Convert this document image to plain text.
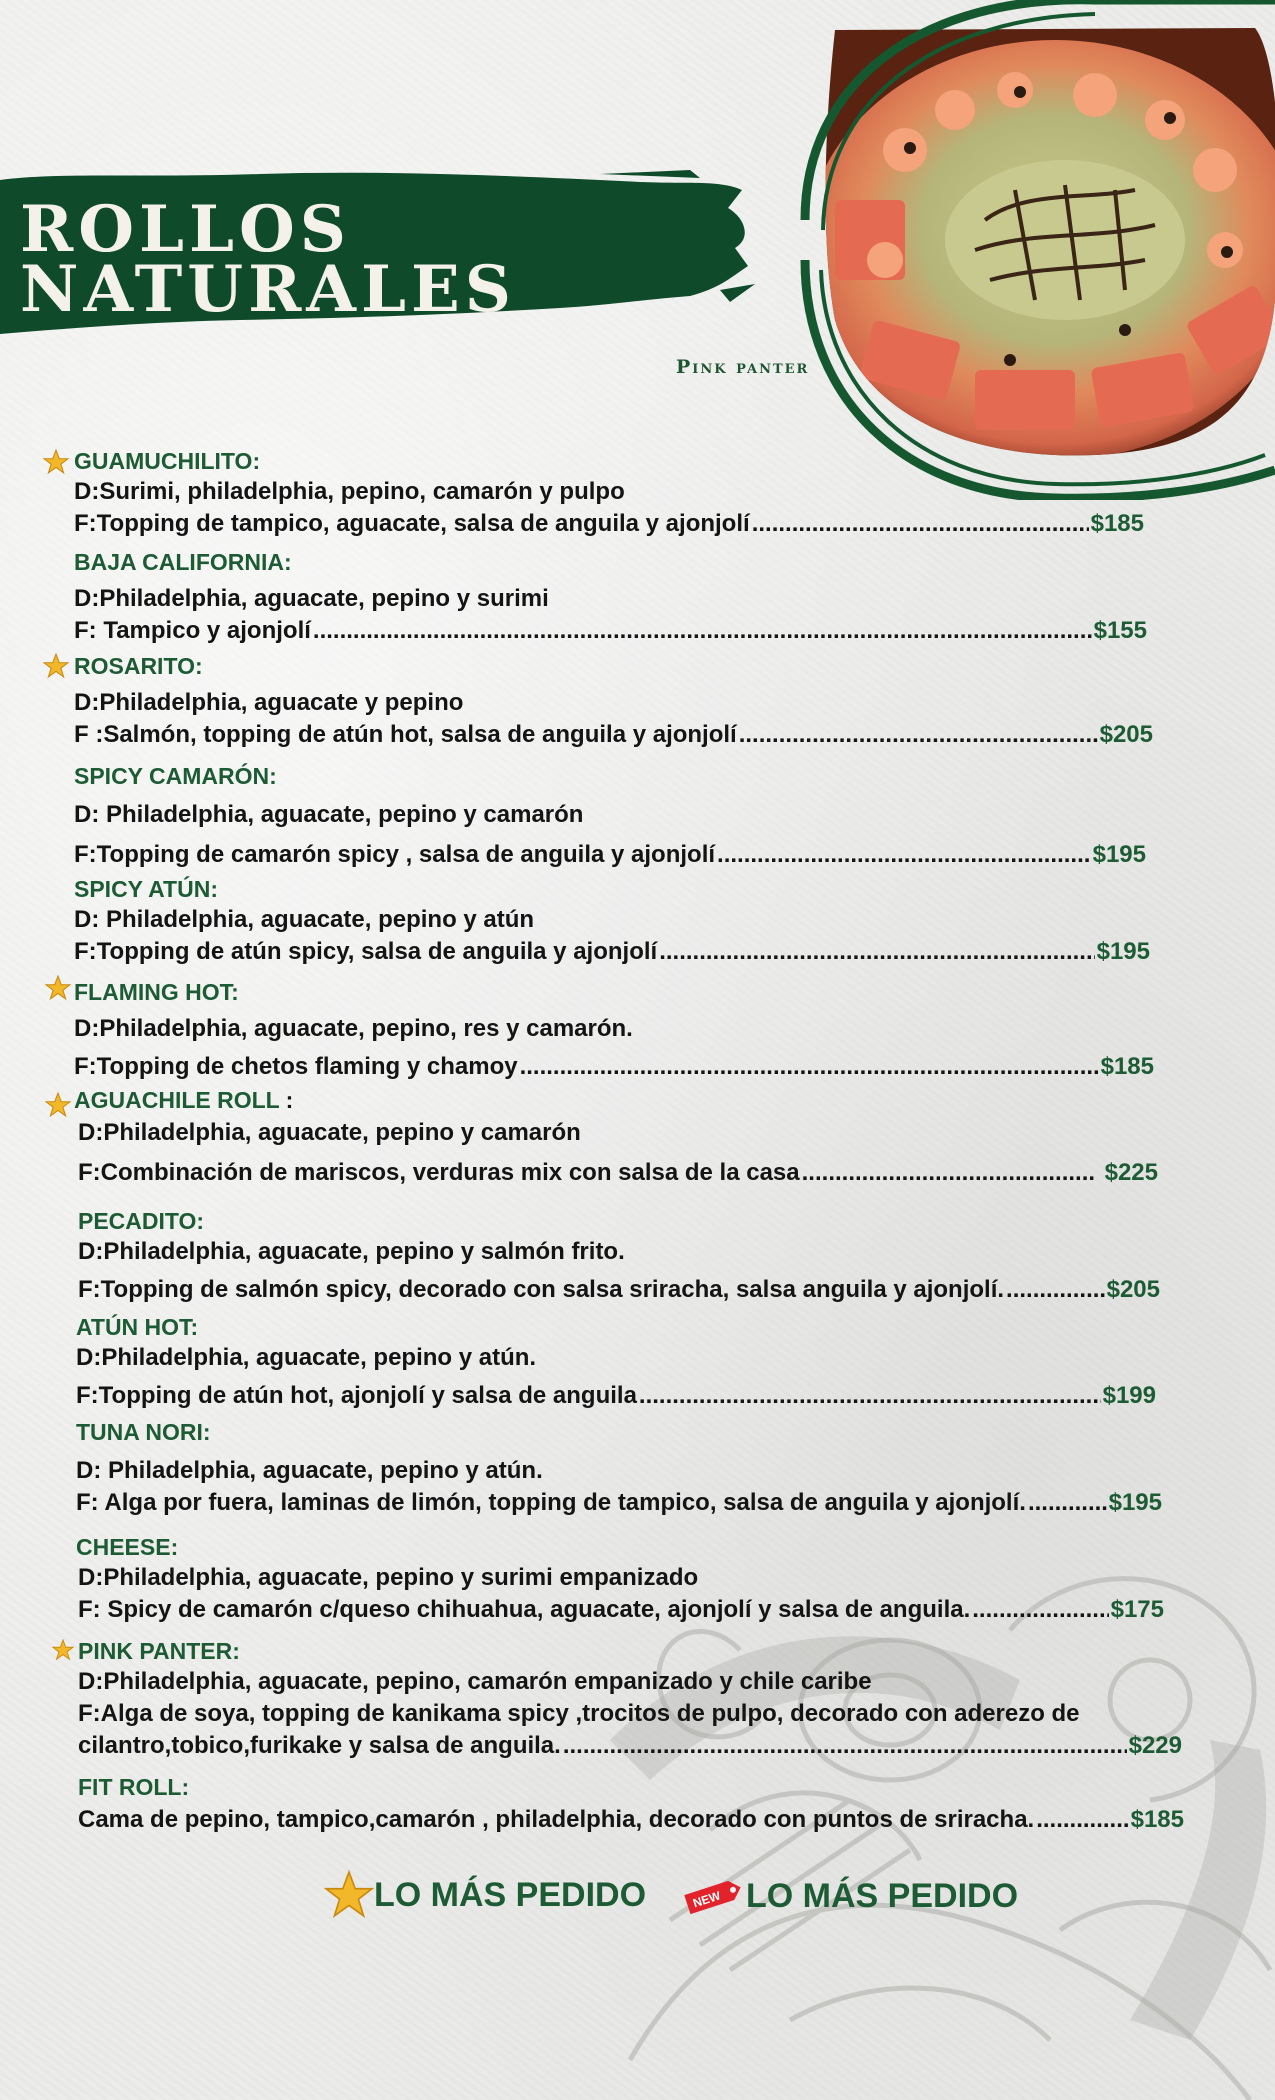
ROLLOS
NATURALES
Pink panter
GUAMUCHILITO:
D:Surimi, philadelphia, pepino, camarón y pulpo
F:Topping de tampico, aguacate, salsa de anguila y ajonjolí .....	$185
BAJA CALIFORNIA:
D:Philadelphia, aguacate, pepino y surimi
F: Tampico y ajonjolí .....	$155
ROSARITO:
D:Philadelphia, aguacate y pepino
F :Salmón, topping de atún hot, salsa de anguila y ajonjolí .....	$205
SPICY CAMARÓN:
D: Philadelphia, aguacate, pepino y camarón
F:Topping de camarón spicy , salsa de anguila y ajonjolí .....	$195
SPICY ATÚN:
D: Philadelphia, aguacate, pepino y atún
F:Topping de atún spicy, salsa de anguila y ajonjolí .....	$195
FLAMING HOT:
D:Philadelphia, aguacate, pepino, res y camarón.
F:Topping de chetos flaming y chamoy .....	$185
AGUACHILE ROLL :
D:Philadelphia, aguacate, pepino y camarón
F:Combinación de mariscos, verduras mix con salsa de la casa .....	$225
PECADITO:
D:Philadelphia, aguacate, pepino y salmón frito.
F:Topping de salmón spicy, decorado con salsa sriracha, salsa anguila y ajonjolí. .....	$205
ATÚN HOT:
D:Philadelphia, aguacate, pepino y atún.
F:Topping de atún hot, ajonjolí y salsa de anguila .....	$199
TUNA NORI:
D: Philadelphia, aguacate, pepino y atún.
F: Alga por fuera, laminas de limón, topping de tampico, salsa de anguila y ajonjolí. .....	$195
CHEESE:
D:Philadelphia, aguacate, pepino y surimi empanizado
F: Spicy de camarón c/queso chihuahua, aguacate, ajonjolí y salsa de anguila. .....	$175
PINK PANTER:
D:Philadelphia, aguacate, pepino, camarón empanizado y chile caribe
F:Alga de soya, topping de kanikama spicy ,trocitos de pulpo, decorado con aderezo de
cilantro,tobico,furikake y salsa de anguila. .....	$229
FIT ROLL:
Cama de pepino, tampico,camarón , philadelphia, decorado con puntos de sriracha. .....	$185
LO MÁS PEDIDO	NEW LO MÁS PEDIDO
